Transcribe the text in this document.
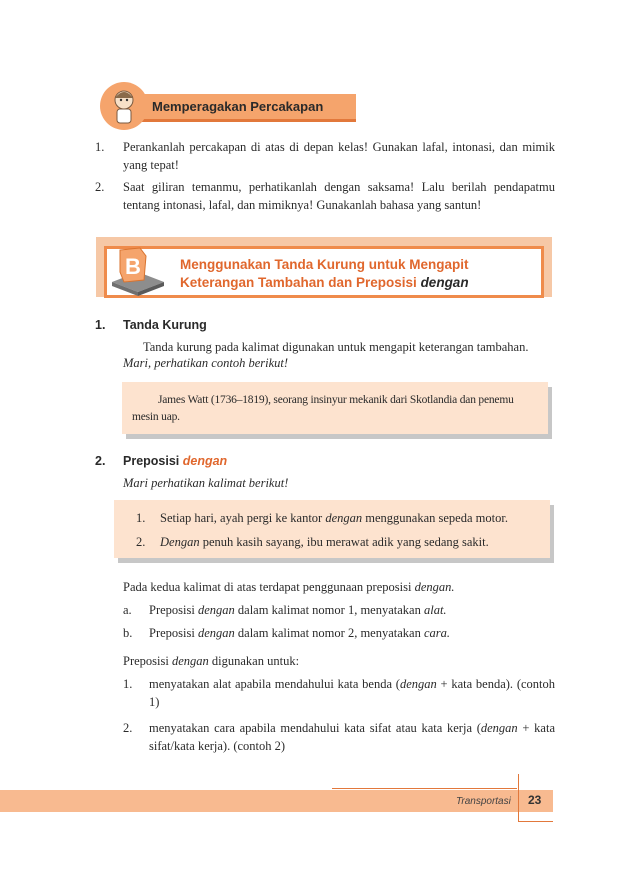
Memperagakan Percakapan
1.	Perankanlah percakapan di atas di depan kelas! Gunakan lafal, intonasi, dan mimik yang tepat!
2.	Saat giliran temanmu, perhatikanlah dengan saksama! Lalu berilah pendapatmu tentang intonasi, lafal, dan mimiknya! Gunakanlah bahasa yang santun!
B	Menggunakan Tanda Kurung untuk Mengapit
Keterangan Tambahan dan Preposisi dengan
1. Tanda Kurung
Tanda kurung pada kalimat digunakan untuk mengapit keterangan tambahan.
Mari, perhatikan contoh berikut!
James Watt (1736–1819), seorang insinyur mekanik dari Skotlandia dan penemu mesin uap.
2. Preposisi dengan
Mari perhatikan kalimat berikut!
1.	Setiap hari, ayah pergi ke kantor dengan menggunakan sepeda motor.
2.	Dengan penuh kasih sayang, ibu merawat adik yang sedang sakit.
Pada kedua kalimat di atas terdapat penggunaan preposisi dengan.
a.	Preposisi dengan dalam kalimat nomor 1, menyatakan alat.
b.	Preposisi dengan dalam kalimat nomor 2, menyatakan cara.
Preposisi dengan digunakan untuk:
1.	menyatakan alat apabila mendahului kata benda (dengan + kata benda). (contoh 1)
2.	menyatakan cara apabila mendahului kata sifat atau kata kerja (dengan + kata sifat/kata kerja). (contoh 2)
Transportasi 23
